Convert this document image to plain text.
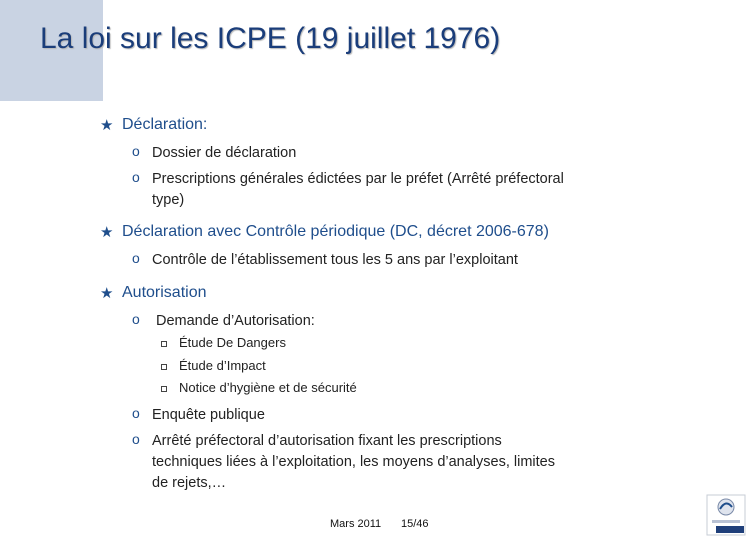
La loi sur les ICPE (19 juillet 1976)
★ Déclaration:
o Dossier de déclaration
o Prescriptions générales édictées par le préfet (Arrêté préfectoral
type)
★ Déclaration avec Contrôle périodique (DC, décret 2006-678)
o Contrôle de l’établissement tous les 5 ans par l’exploitant
★ Autorisation
o Demande d’Autorisation:
Étude De Dangers
Étude d’Impact
Notice d’hygiène et de sécurité
o Enquête publique
o Arrêté préfectoral d’autorisation fixant les prescriptions
techniques liées à l’exploitation, les moyens d’analyses, limites
de rejets,…
Mars 2011 15/46
